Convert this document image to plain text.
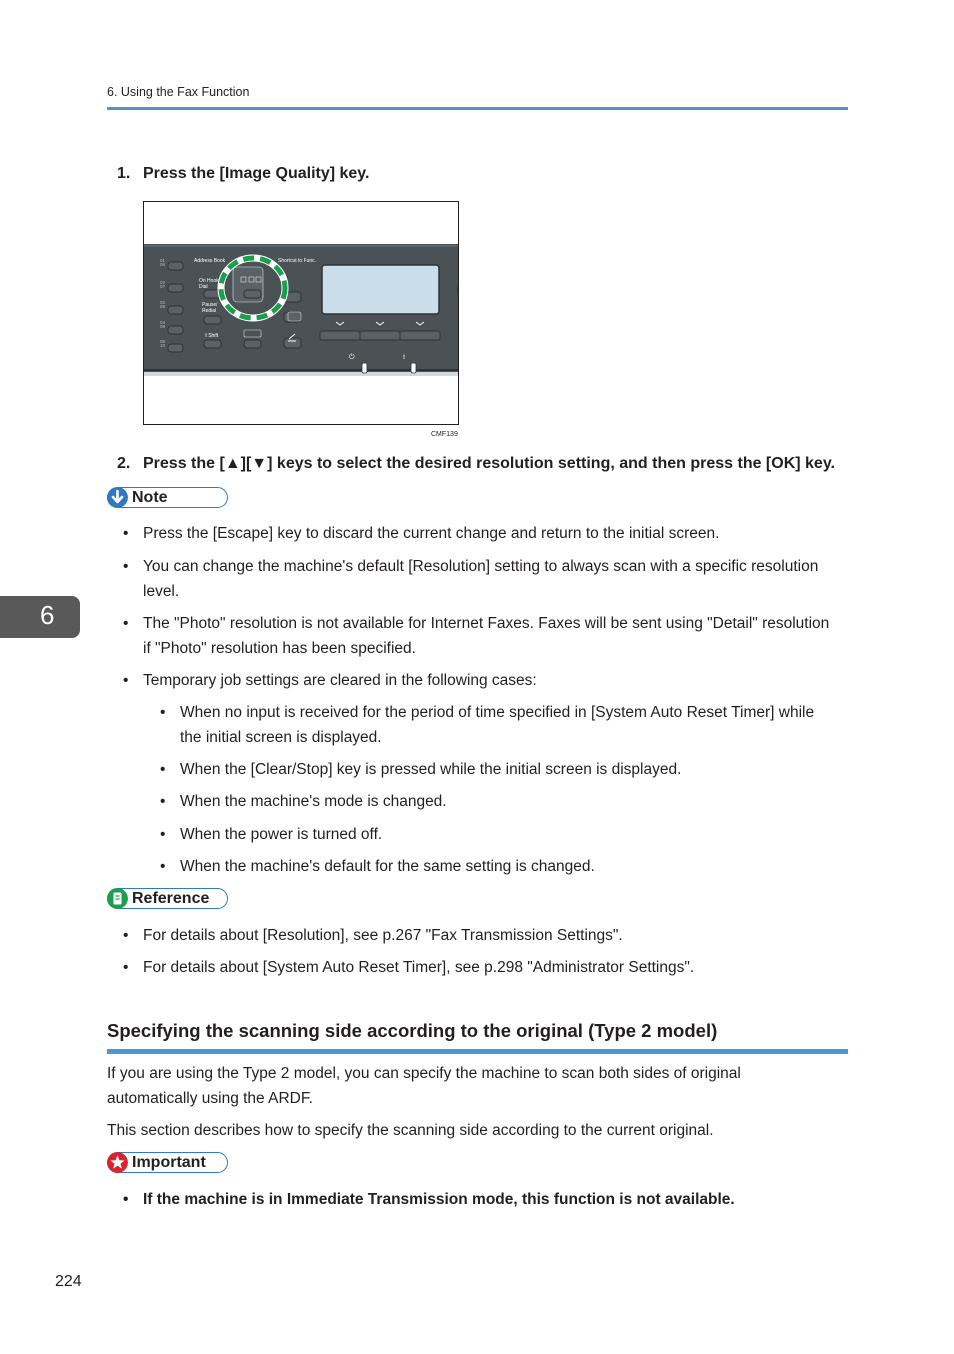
6. Using the Fax Function
6
1. Press the [Image Quality] key.
01
06
02
07
03
08
04
09
05
10
Address Book	Shortcut to Func.
On Hook
Dial
Pause/
Redial
⇧Shift
⏻	!
CMF139
2. Press the [▲][▼] keys to select the desired resolution setting, and then press the [OK] key.
Note
• Press the [Escape] key to discard the current change and return to the initial screen.
• You can change the machine's default [Resolution] setting to always scan with a specific resolution
level.
• The "Photo" resolution is not available for Internet Faxes. Faxes will be sent using "Detail" resolution
if "Photo" resolution has been specified.
• Temporary job settings are cleared in the following cases:
• When no input is received for the period of time specified in [System Auto Reset Timer] while
the initial screen is displayed.
• When the [Clear/Stop] key is pressed while the initial screen is displayed.
• When the machine's mode is changed.
• When the power is turned off.
• When the machine's default for the same setting is changed.
Reference
• For details about [Resolution], see p.267 "Fax Transmission Settings".
• For details about [System Auto Reset Timer], see p.298 "Administrator Settings".
Specifying the scanning side according to the original (Type 2 model)
If you are using the Type 2 model, you can specify the machine to scan both sides of original
automatically using the ARDF.
This section describes how to specify the scanning side according to the current original.
Important
• If the machine is in Immediate Transmission mode, this function is not available.
224
